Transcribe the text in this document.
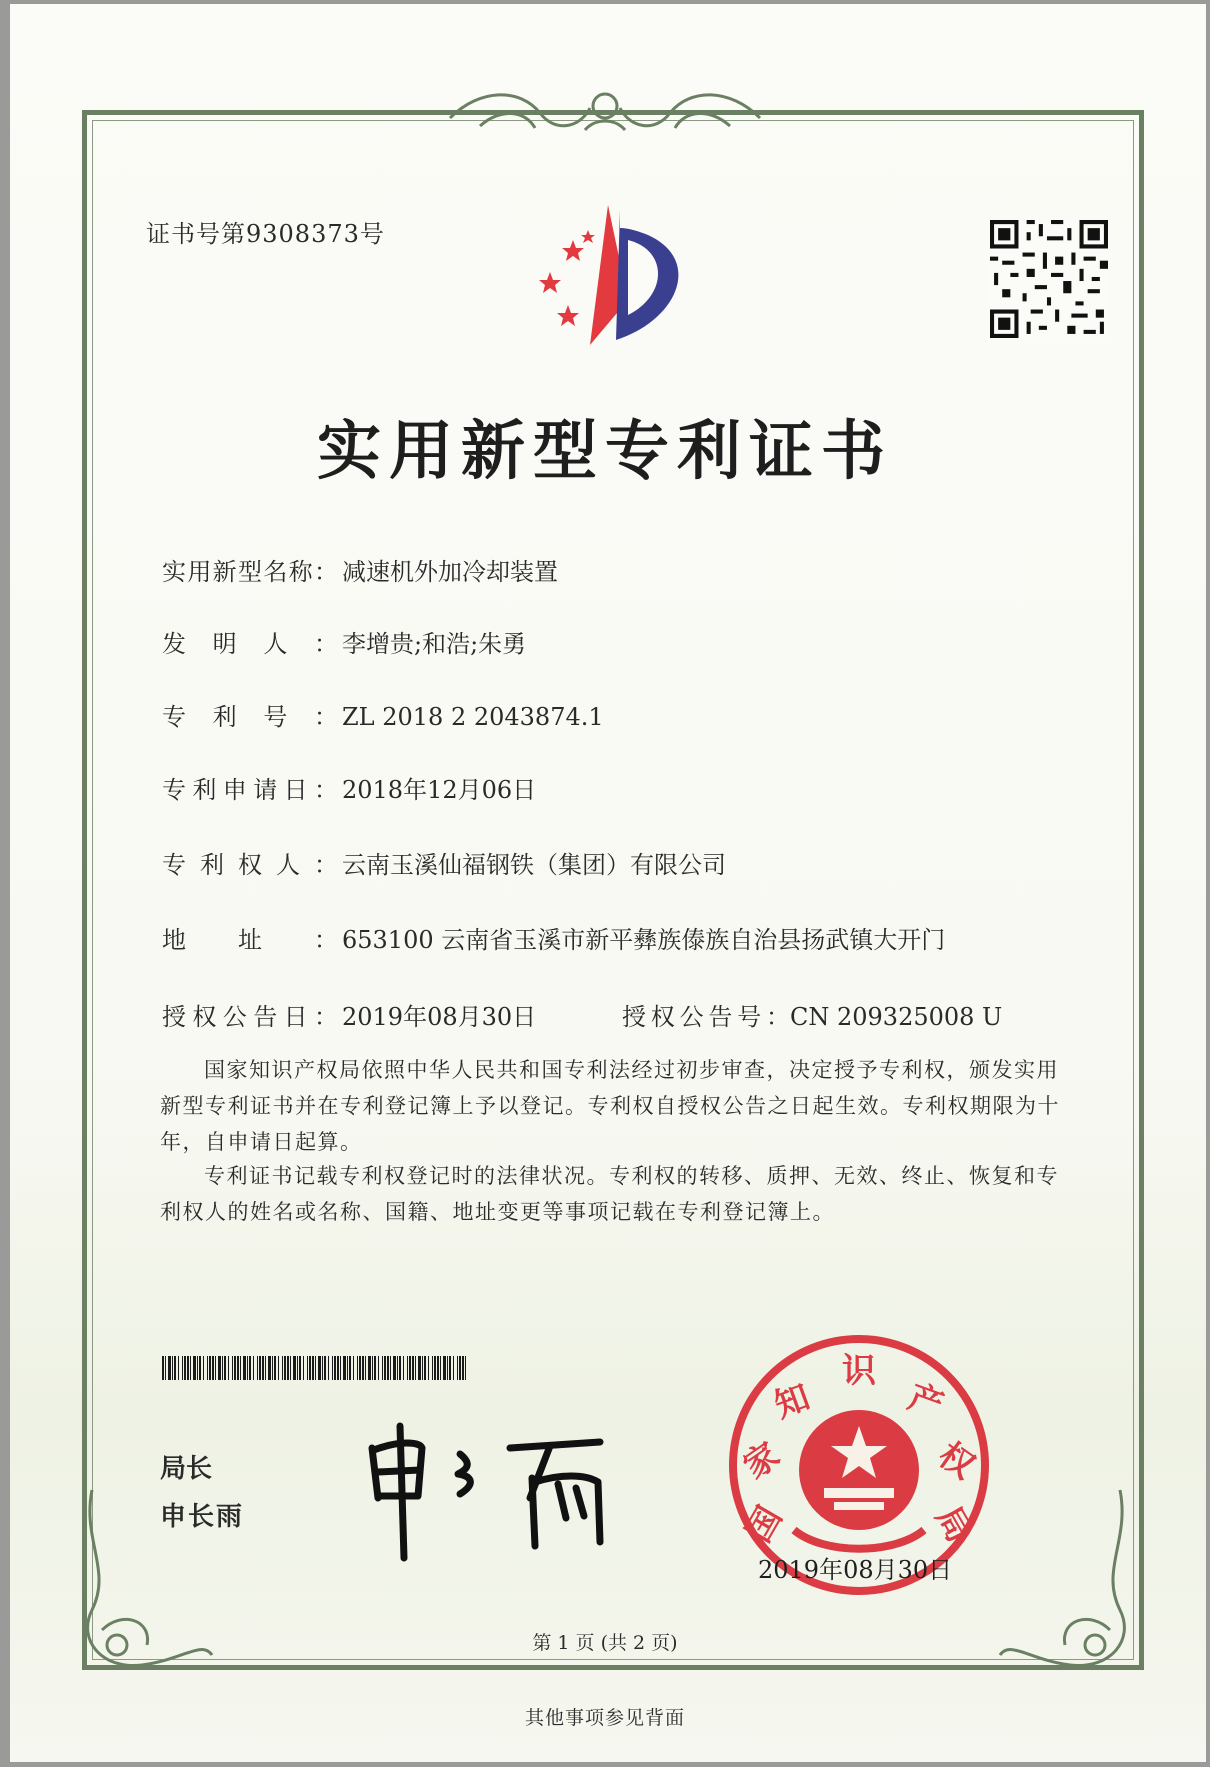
证书号第9308373号
实用新型专利证书
实用新型名称： 减速机外加冷却装置
发明人： 李增贵;和浩;朱勇
专利号： ZL 2018 2 2043874.1
专利申请日： 2018年12月06日
专利权人： 云南玉溪仙福钢铁（集团）有限公司
地址： 653100 云南省玉溪市新平彝族傣族自治县扬武镇大开门
授权公告日： 2019年08月30日	授权公告号：CN 209325008 U
国家知识产权局依照中华人民共和国专利法经过初步审查，决定授予专利权，颁发实用新型专利证书并在专利登记簿上予以登记。专利权自授权公告之日起生效。专利权期限为十年，自申请日起算。
专利证书记载专利权登记时的法律状况。专利权的转移、质押、无效、终止、恢复和专利权人的姓名或名称、国籍、地址变更等事项记载在专利登记簿上。
局长
申长雨	国
家
知
识
产
权
局
2019年08月30日
第 1 页 (共 2 页)
其他事项参见背面
